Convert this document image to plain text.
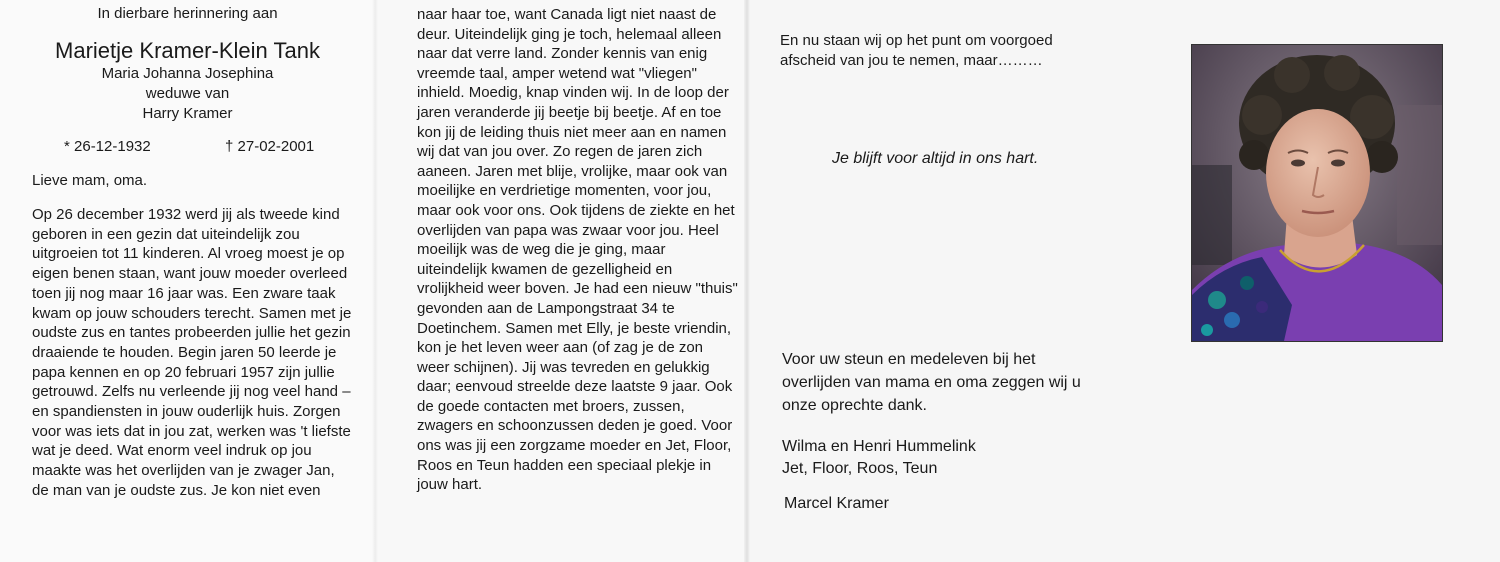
In dierbare herinnering aan
Marietje Kramer-Klein Tank
Maria Johanna Josephina
weduwe van
Harry Kramer
* 26-12-1932	† 27-02-2001
Lieve mam, oma.
Op 26 december 1932 werd jij als tweede kind
geboren in een gezin dat uiteindelijk zou
uitgroeien tot 11 kinderen. Al vroeg moest je op
eigen benen staan, want jouw moeder overleed
toen jij nog maar 16 jaar was. Een zware taak
kwam op jouw schouders terecht. Samen met je
oudste zus en tantes probeerden jullie het gezin
draaiende te houden. Begin jaren 50 leerde je
papa kennen en op 20 februari 1957 zijn jullie
getrouwd. Zelfs nu verleende jij nog veel hand –
en spandiensten in jouw ouderlijk huis. Zorgen
voor was iets dat in jou zat, werken was 't liefste
wat je deed. Wat enorm veel indruk op jou
maakte was het overlijden van je zwager Jan,
de man van je oudste zus. Je kon niet even
naar haar toe, want Canada ligt niet naast de
deur. Uiteindelijk ging je toch, helemaal alleen
naar dat verre land. Zonder kennis van enig
vreemde taal, amper wetend wat "vliegen"
inhield. Moedig, knap vinden wij. In de loop der
jaren veranderde jij beetje bij beetje. Af en toe
kon jij de leiding thuis niet meer aan en namen
wij dat van jou over. Zo regen de jaren zich
aaneen. Jaren met blije, vrolijke, maar ook van
moeilijke en verdrietige momenten, voor jou,
maar ook voor ons. Ook tijdens de ziekte en het
overlijden van papa was zwaar voor jou. Heel
moeilijk was de weg die je ging, maar
uiteindelijk kwamen de gezelligheid en
vrolijkheid weer boven. Je had een nieuw "thuis"
gevonden aan de Lampongstraat 34 te
Doetinchem. Samen met Elly, je beste vriendin,
kon je het leven weer aan (of zag je de zon
weer schijnen). Jij was tevreden en gelukkig
daar; eenvoud streelde deze laatste 9 jaar. Ook
de goede contacten met broers, zussen,
zwagers en schoonzussen deden je goed. Voor
ons was jij een zorgzame moeder en Jet, Floor,
Roos en Teun hadden een speciaal plekje in
jouw hart.
En nu staan wij op het punt om voorgoed
afscheid van jou te nemen, maar………
Je blijft voor altijd in ons hart.
Voor uw steun en medeleven bij het
overlijden van mama en oma zeggen wij u
onze oprechte dank.
Wilma en Henri Hummelink
Jet, Floor, Roos, Teun
Marcel Kramer
